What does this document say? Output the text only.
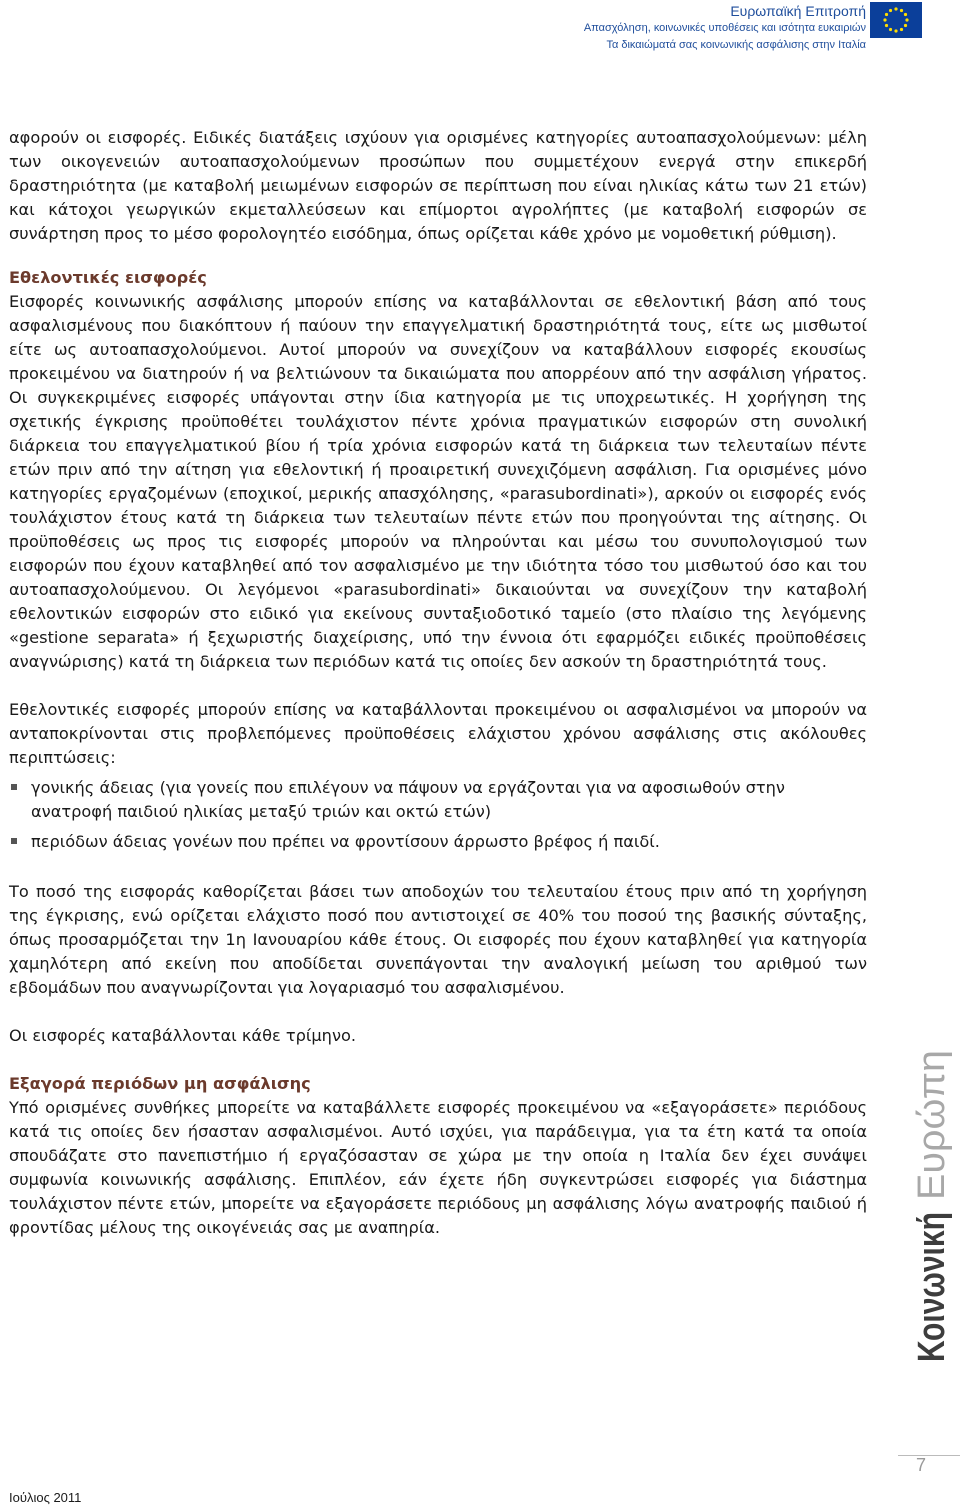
Ευρωπαϊκή Επιτροπή
Απασχόληση, κοινωνικές υποθέσεις και ισότητα ευκαιριών
Τα δικαιώματά σας κοινωνικής ασφάλισης στην Ιταλία

αφορούν οι εισφορές. Ειδικές διατάξεις ισχύουν για ορισμένες κατηγορίες αυτοαπασχολούμενων: μέλη των οικογενειών αυτοαπασχολούμενων προσώπων που συμμετέχουν ενεργά στην επικερδή δραστηριότητα (με καταβολή μειωμένων εισφορών σε περίπτωση που είναι ηλικίας κάτω των 21 ετών) και κάτοχοι γεωργικών εκμεταλλεύσεων και επίμορτοι αγρολήπτες (με καταβολή εισφορών σε συνάρτηση προς το μέσο φορολογητέο εισόδημα, όπως ορίζεται κάθε χρόνο με νομοθετική ρύθμιση).

Εθελοντικές εισφορές

Εισφορές κοινωνικής ασφάλισης μπορούν επίσης να καταβάλλονται σε εθελοντική βάση από τους ασφαλισμένους που διακόπτουν ή παύουν την επαγγελματική δραστηριότητά τους, είτε ως μισθωτοί είτε ως αυτοαπασχολούμενοι. Αυτοί μπορούν να συνεχίζουν να καταβάλλουν εισφορές εκουσίως προκειμένου να διατηρούν ή να βελτιώνουν τα δικαιώματα που απορρέουν από την ασφάλιση γήρατος. Οι συγκεκριμένες εισφορές υπάγονται στην ίδια κατηγορία με τις υποχρεωτικές. Η χορήγηση της σχετικής έγκρισης προϋποθέτει τουλάχιστον πέντε χρόνια πραγματικών εισφορών στη συνολική διάρκεια του επαγγελματικού βίου ή τρία χρόνια εισφορών κατά τη διάρκεια των τελευταίων πέντε ετών πριν από την αίτηση για εθελοντική ή προαιρετική συνεχιζόμενη ασφάλιση. Για ορισμένες μόνο κατηγορίες εργαζομένων (εποχικοί, μερικής απασχόλησης, «parasubordinati»), αρκούν οι εισφορές ενός τουλάχιστον έτους κατά τη διάρκεια των τελευταίων πέντε ετών που προηγούνται της αίτησης. Οι προϋποθέσεις ως προς τις εισφορές μπορούν να πληρούνται και μέσω του συνυπολογισμού των εισφορών που έχουν καταβληθεί από τον ασφαλισμένο με την ιδιότητα τόσο του μισθωτού όσο και του αυτοαπασχολούμενου. Οι λεγόμενοι «parasubordinati» δικαιούνται να συνεχίζουν την καταβολή εθελοντικών εισφορών στο ειδικό για εκείνους συνταξιοδοτικό ταμείο (στο πλαίσιο της λεγόμενης «gestione separata» ή ξεχωριστής διαχείρισης, υπό την έννοια ότι εφαρμόζει ειδικές προϋποθέσεις αναγνώρισης) κατά τη διάρκεια των περιόδων κατά τις οποίες δεν ασκούν τη δραστηριότητά τους.

Εθελοντικές εισφορές μπορούν επίσης να καταβάλλονται προκειμένου οι ασφαλισμένοι να μπορούν να ανταποκρίνονται στις προβλεπόμενες προϋποθέσεις ελάχιστου χρόνου ασφάλισης στις ακόλουθες περιπτώσεις:

γονικής άδειας (για γονείς που επιλέγουν να πάψουν να εργάζονται για να αφοσιωθούν στην ανατροφή παιδιού ηλικίας μεταξύ τριών και οκτώ ετών)
περιόδων άδειας γονέων που πρέπει να φροντίσουν άρρωστο βρέφος ή παιδί.

Το ποσό της εισφοράς καθορίζεται βάσει των αποδοχών του τελευταίου έτους πριν από τη χορήγηση της έγκρισης, ενώ ορίζεται ελάχιστο ποσό που αντιστοιχεί σε 40% του ποσού της βασικής σύνταξης, όπως προσαρμόζεται την 1η Ιανουαρίου κάθε έτους. Οι εισφορές που έχουν καταβληθεί για κατηγορία χαμηλότερη από εκείνη που αποδίδεται συνεπάγονται την αναλογική μείωση του αριθμού των εβδομάδων που αναγνωρίζονται για λογαριασμό του ασφαλισμένου.

Οι εισφορές καταβάλλονται κάθε τρίμηνο.

Εξαγορά περιόδων μη ασφάλισης

Υπό ορισμένες συνθήκες μπορείτε να καταβάλλετε εισφορές προκειμένου να «εξαγοράσετε» περιόδους κατά τις οποίες δεν ήσασταν ασφαλισμένοι. Αυτό ισχύει, για παράδειγμα, για τα έτη κατά τα οποία σπουδάζατε στο πανεπιστήμιο ή εργαζόσασταν σε χώρα με την οποία η Ιταλία δεν έχει συνάψει συμφωνία κοινωνικής ασφάλισης. Επιπλέον, εάν έχετε ήδη συγκεντρώσει εισφορές για διάστημα τουλάχιστον πέντε ετών, μπορείτε να εξαγοράσετε περιόδους μη ασφάλισης λόγω ανατροφής παιδιού ή φροντίδας μέλους της οικογένειάς σας με αναπηρία.	Κοινωνική
Ευρώπη
7
Ιούλιος 2011
